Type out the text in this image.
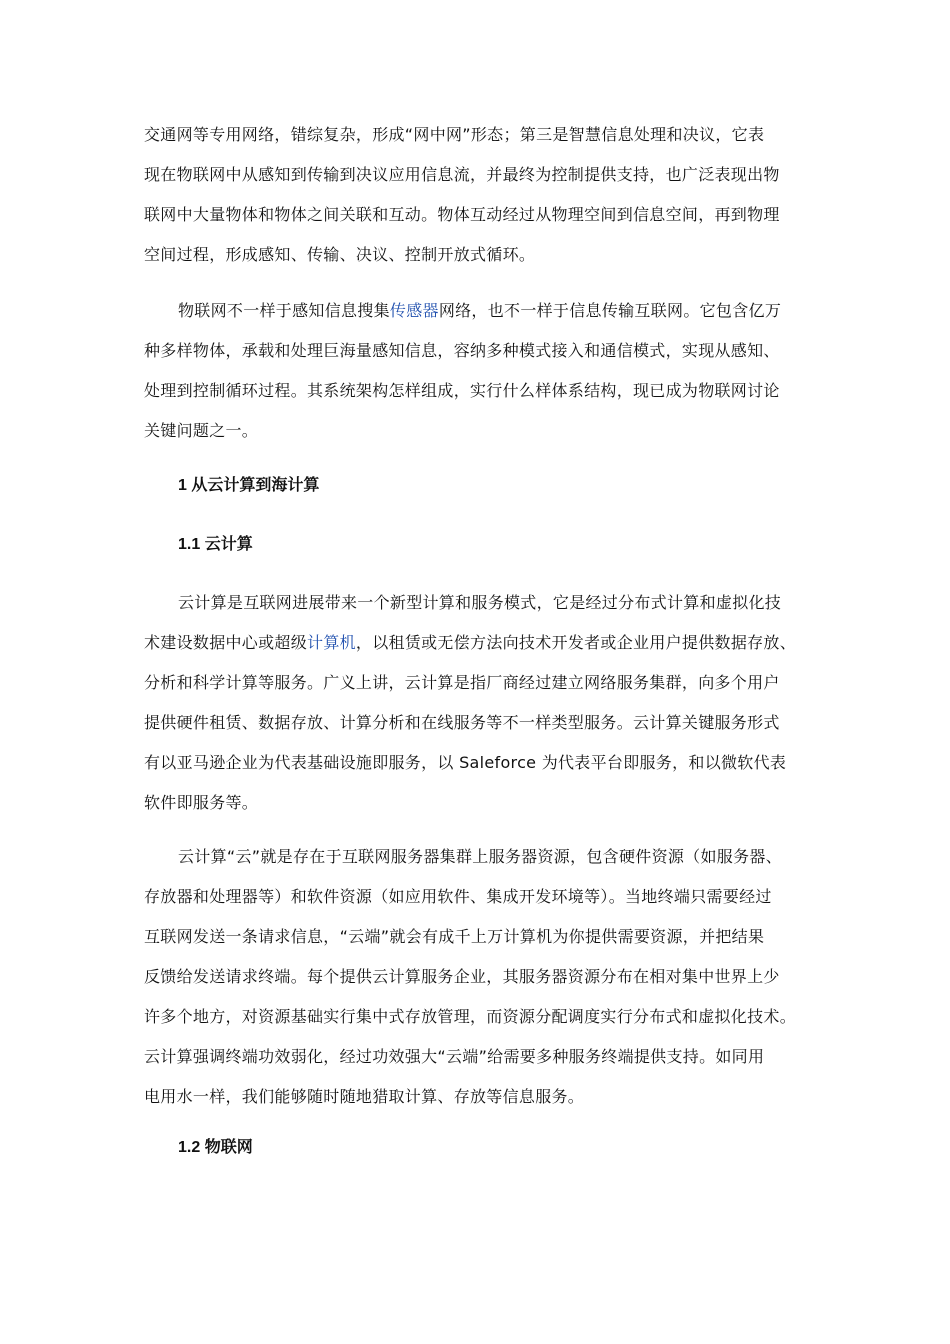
交通网等专用网络，错综复杂，形成“网中网”形态；第三是智慧信息处理和决议，它表
现在物联网中从感知到传输到决议应用信息流，并最终为控制提供支持，也广泛表现出物
联网中大量物体和物体之间关联和互动。物体互动经过从物理空间到信息空间，再到物理
空间过程，形成感知、传输、决议、控制开放式循环。
物联网不一样于感知信息搜集传感器网络，也不一样于信息传输互联网。它包含亿万
种多样物体，承载和处理巨海量感知信息，容纳多种模式接入和通信模式，实现从感知、
处理到控制循环过程。其系统架构怎样组成，实行什么样体系结构，现已成为物联网讨论
关键问题之一。
1 从云计算到海计算
1.1 云计算
云计算是互联网进展带来一个新型计算和服务模式，它是经过分布式计算和虚拟化技
术建设数据中心或超级计算机，以租赁或无偿方法向技术开发者或企业用户提供数据存放、
分析和科学计算等服务。广义上讲，云计算是指厂商经过建立网络服务集群，向多个用户
提供硬件租赁、数据存放、计算分析和在线服务等不一样类型服务。云计算关键服务形式
有以亚马逊企业为代表基础设施即服务，以 Saleforce 为代表平台即服务，和以微软代表
软件即服务等。
云计算“云”就是存在于互联网服务器集群上服务器资源，包含硬件资源（如服务器、
存放器和处理器等）和软件资源（如应用软件、集成开发环境等）。当地终端只需要经过
互联网发送一条请求信息，“云端”就会有成千上万计算机为你提供需要资源，并把结果
反馈给发送请求终端。每个提供云计算服务企业，其服务器资源分布在相对集中世界上少
许多个地方，对资源基础实行集中式存放管理，而资源分配调度实行分布式和虚拟化技术。
云计算强调终端功效弱化，经过功效强大“云端”给需要多种服务终端提供支持。如同用
电用水一样，我们能够随时随地猎取计算、存放等信息服务。
1.2 物联网
